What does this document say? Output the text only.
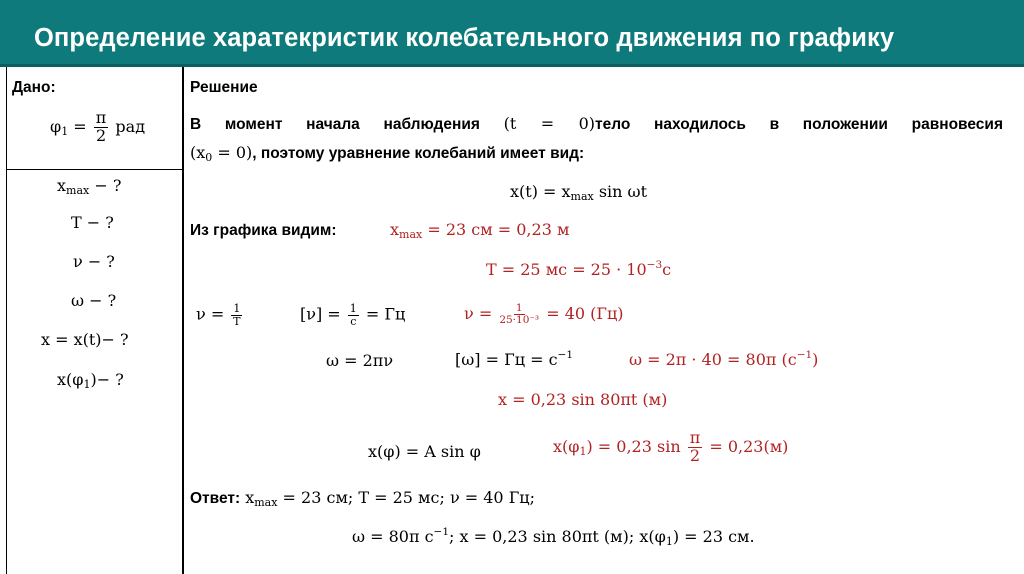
Определение харатекристик колебательного движения по графику
Дано:
$\varphi_1 = \frac{\pi}{2}$ рад
$x_{max}$ − ?
T − ?
ν − ?
ω − ?
x = x(t)− ?
$x(\varphi_1)-$ ?
Решение
В момент начала наблюдения (t = 0)тело находилось в положении равновесия
$(x_0 = 0)$, поэтому уравнение колебаний имеет вид:
$x(t) = x_{max}$ sin ωt
Из графика видим:	$x_{max} = 23$ см = 0,23 м
T = 25 мс = $25 \cdot 10^{-3}с$
$\nu = \frac{1}{T}$	$[\nu] = \frac{1}{с}$ = Гц	$\nu = \frac{1}{\text{25·10⁻³}} = 40$ (Гц)
ω = 2πν	[ω] = Гц = $с^{-1}$	ω = 2π · 40 = 80π $(с^{-1})$
x = 0,23 sin 80πt (м)
x(φ) = A sin φ	$x(\varphi_1) = 0,23$ $\sin \frac{\pi}{2} = 0,23(м)$
Ответ: $x_{max} = 23$ см; T = 25 мс; ν = 40 Гц;
ω = 80π $с^{-1}$; x = 0,23 sin 80πt (м); $x(\varphi_1) = 23$ см.
